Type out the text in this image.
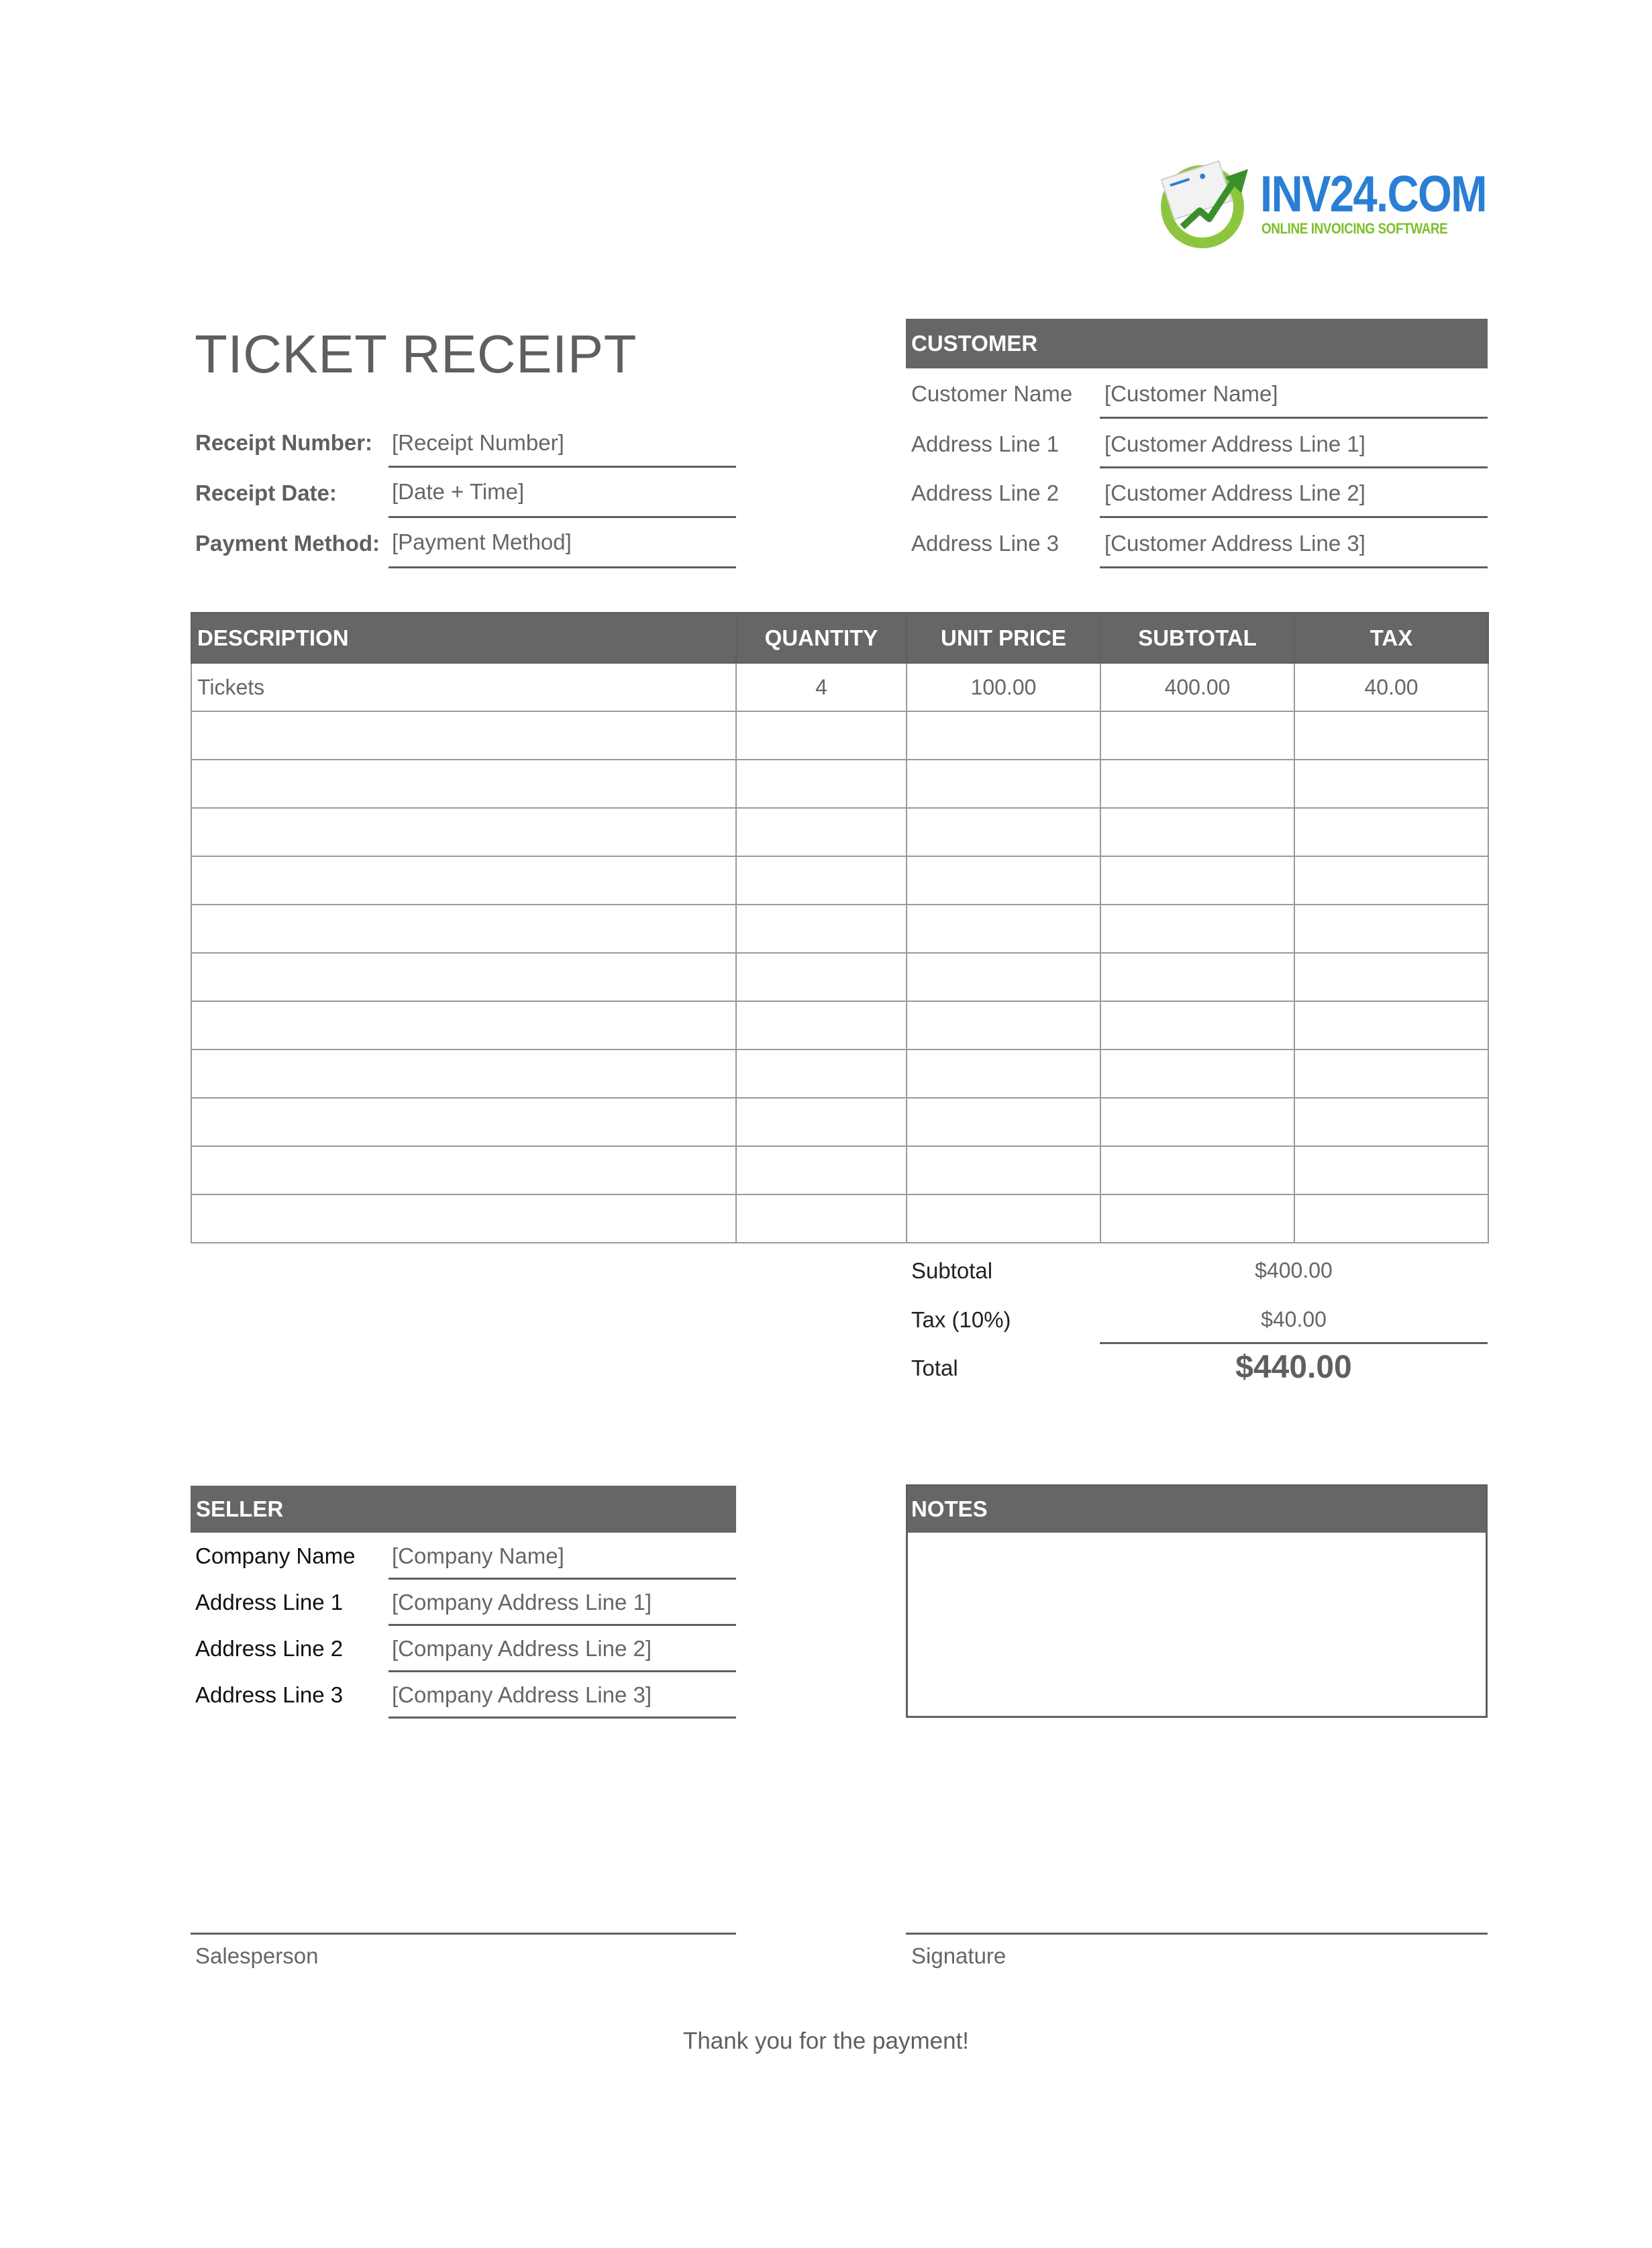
INV24.COM
ONLINE INVOICING SOFTWARE
TICKET RECEIPT
Receipt Number: [Receipt Number]
Receipt Date: [Date + Time]
Payment Method: [Payment Method]
CUSTOMER
Customer Name [Customer Name]
Address Line 1 [Customer Address Line 1]
Address Line 2 [Customer Address Line 2]
Address Line 3 [Customer Address Line 3]
DESCRIPTION	QUANTITY	UNIT PRICE	SUBTOTAL	TAX
Tickets	4	100.00	400.00	40.00

Subtotal	$400.00
Tax (10%)	$40.00
Total	$440.00
SELLER
Company Name [Company Name]
Address Line 1 [Company Address Line 1]
Address Line 2 [Company Address Line 2]
Address Line 3 [Company Address Line 3]
NOTES
Salesperson	Signature
Thank you for the payment!
